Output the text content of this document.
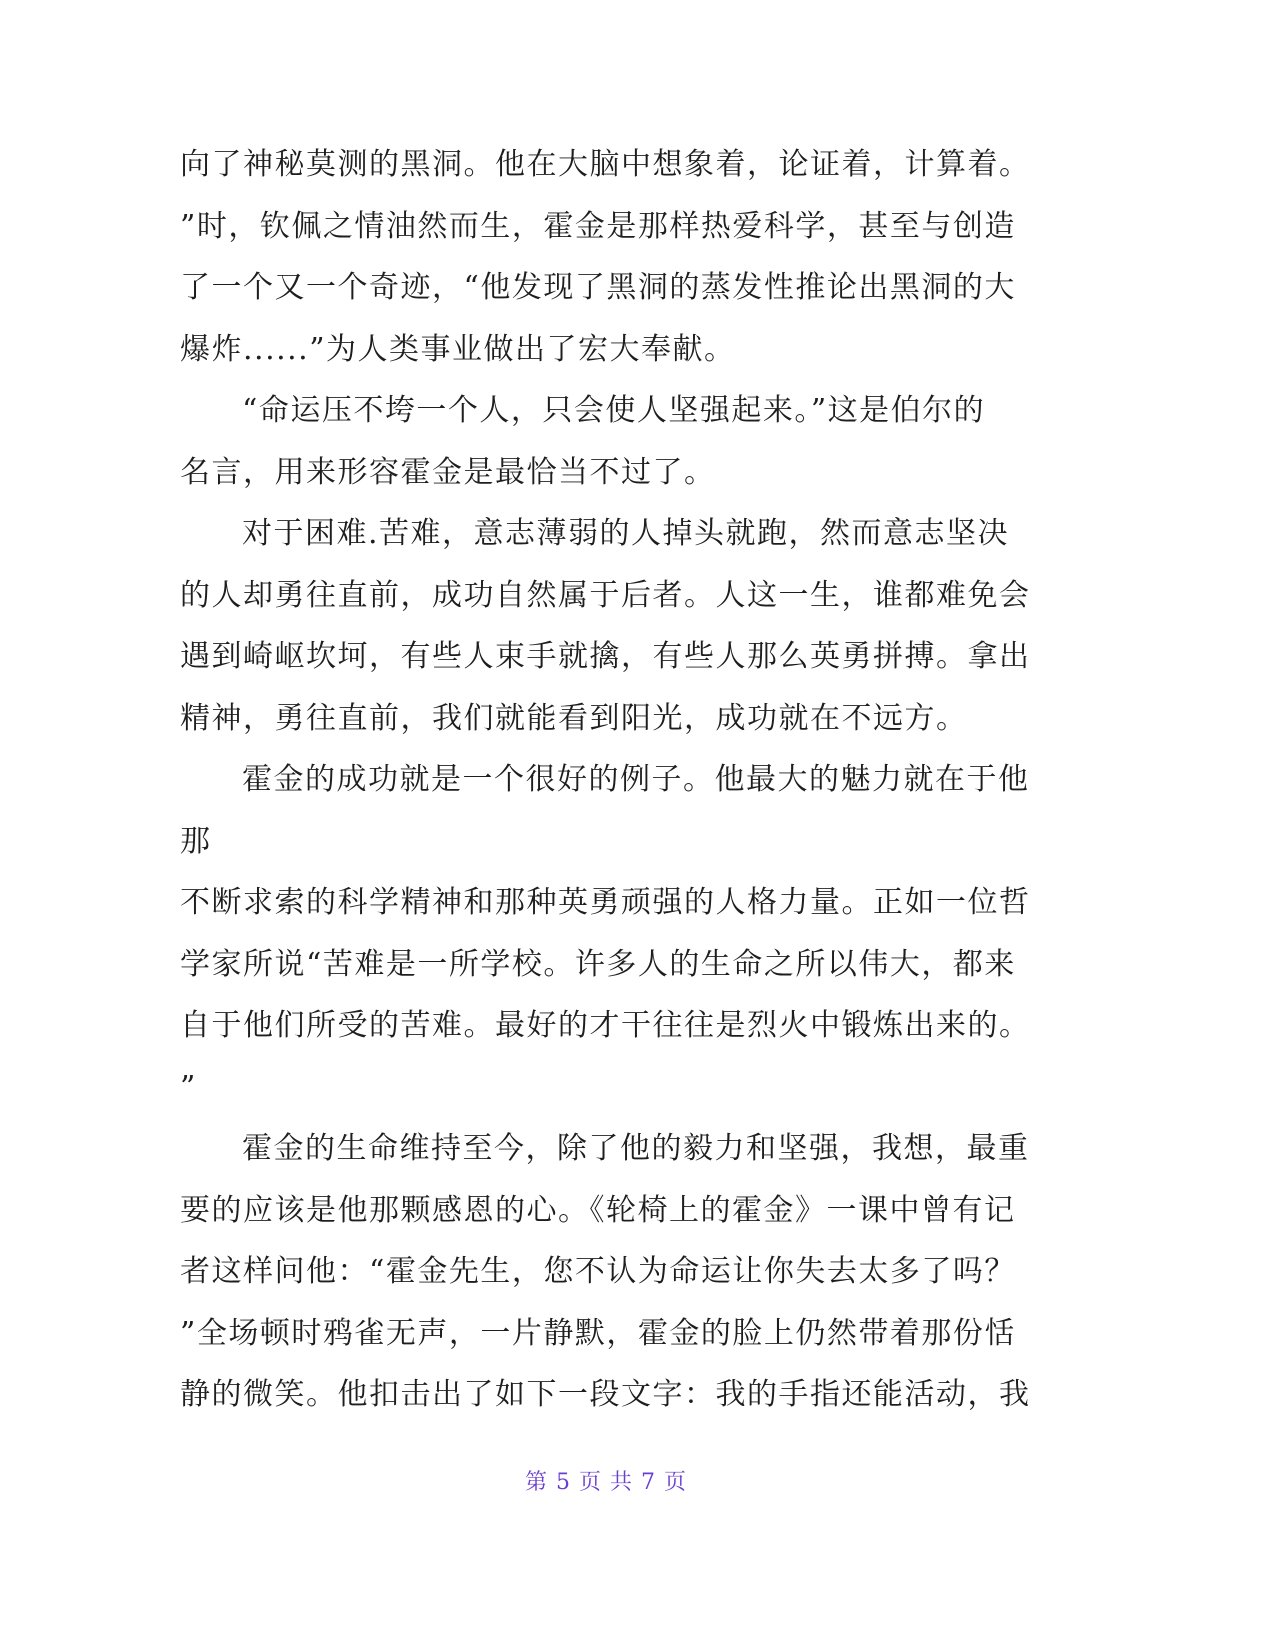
向了神秘莫测的黑洞。他在大脑中想象着，论证着，计算着。
”时，钦佩之情油然而生，霍金是那样热爱科学，甚至与创造
了一个又一个奇迹，“他发现了黑洞的蒸发性推论出黑洞的大
爆炸......”为人类事业做出了宏大奉献。
“命运压不垮一个人，只会使人坚强起来。”这是伯尔的
名言，用来形容霍金是最恰当不过了。
对于困难.苦难，意志薄弱的人掉头就跑，然而意志坚决
的人却勇往直前，成功自然属于后者。人这一生，谁都难免会
遇到崎岖坎坷，有些人束手就擒，有些人那么英勇拼搏。拿出
精神，勇往直前，我们就能看到阳光，成功就在不远方。
霍金的成功就是一个很好的例子。他最大的魅力就在于他
那
不断求索的科学精神和那种英勇顽强的人格力量。正如一位哲
学家所说“苦难是一所学校。许多人的生命之所以伟大，都来
自于他们所受的苦难。最好的才干往往是烈火中锻炼出来的。
”
霍金的生命维持至今，除了他的毅力和坚强，我想，最重
要的应该是他那颗感恩的心。《轮椅上的霍金》一课中曾有记
者这样问他：“霍金先生，您不认为命运让你失去太多了吗？
”全场顿时鸦雀无声，一片静默，霍金的脸上仍然带着那份恬
静的微笑。他扣击出了如下一段文字：我的手指还能活动，我
第 5 页 共 7 页
